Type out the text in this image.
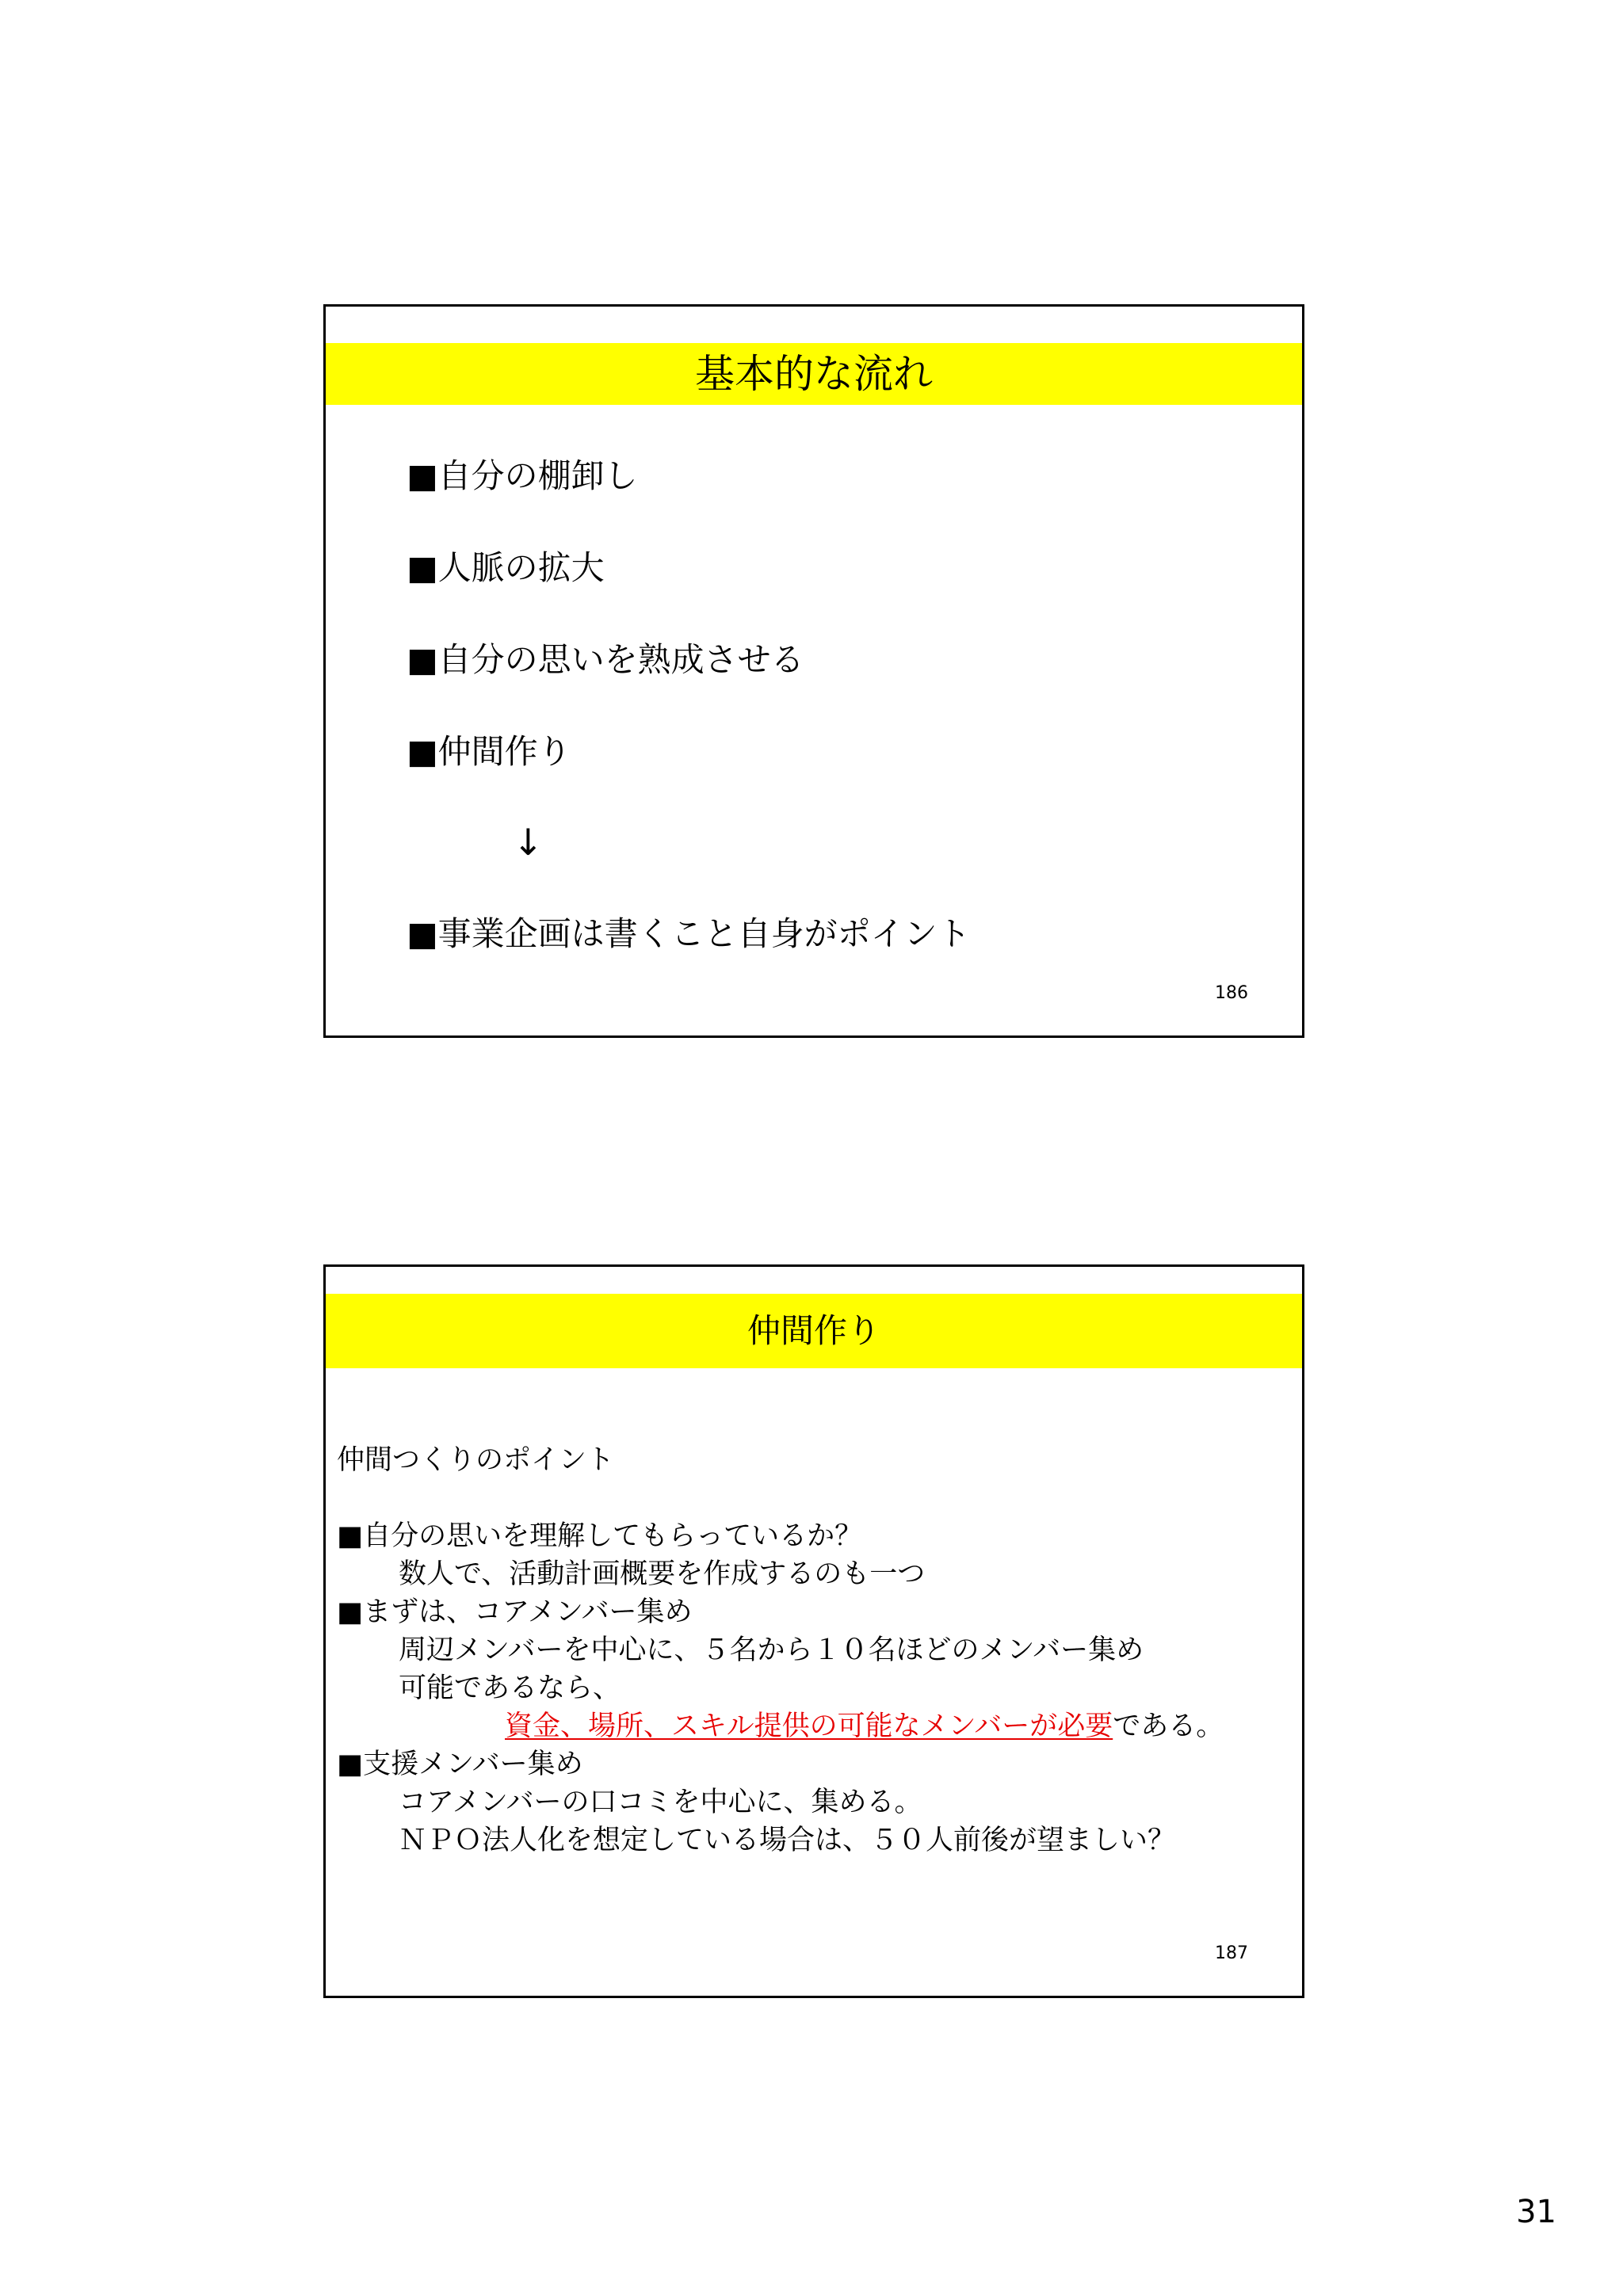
基本的な流れ
■自分の棚卸し
■人脈の拡大
■自分の思いを熟成させる
■仲間作り
↓
■事業企画は書くこと自身がポイント
186
仲間作り
仲間つくりのポイント
■自分の思いを理解してもらっているか？
数人で、活動計画概要を作成するのも一つ
■まずは、コアメンバー集め
周辺メンバーを中心に、５名から１０名ほどのメンバー集め
可能であるなら、
資金、場所、スキル提供の可能なメンバーが必要である。
■支援メンバー集め
コアメンバーの口コミを中心に、集める。
ＮＰＯ法人化を想定している場合は、５０人前後が望ましい？
187
31
